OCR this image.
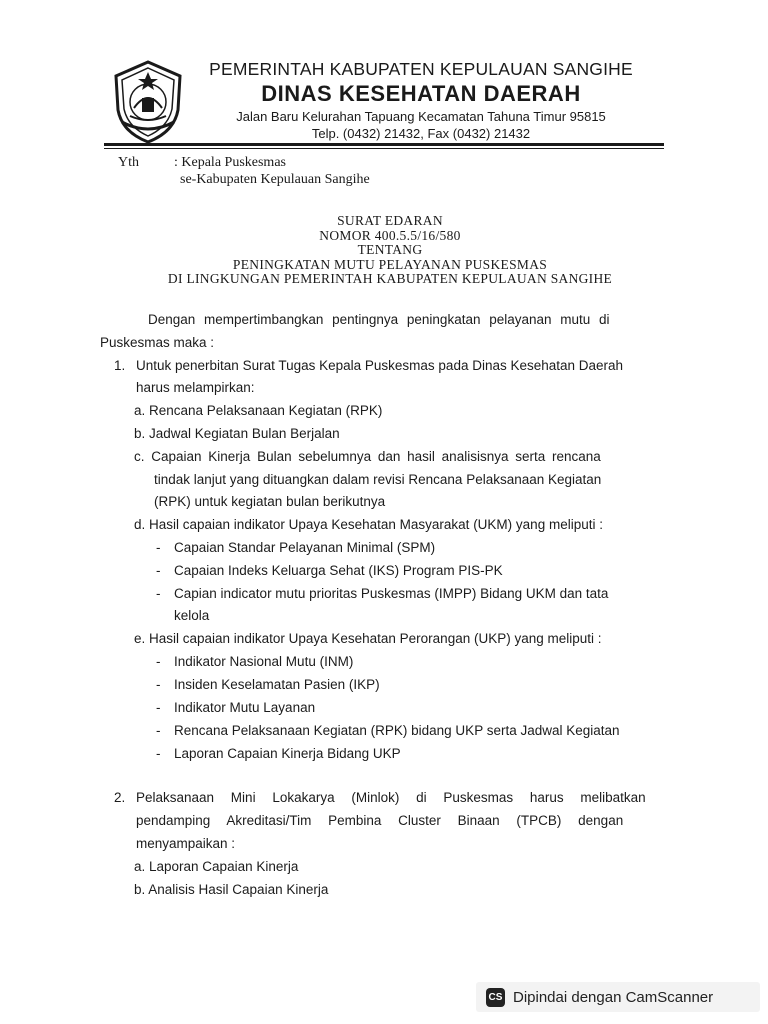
PEMERINTAH KABUPATEN KEPULAUAN SANGIHE
DINAS KESEHATAN DAERAH
Jalan Baru Kelurahan Tapuang Kecamatan Tahuna Timur 95815
Telp. (0432) 21432, Fax (0432) 21432
Yth	: Kepala Puskesmas
se-Kabupaten Kepulauan Sangihe
SURAT EDARAN
NOMOR 400.5.5/16/580
TENTANG
PENINGKATAN MUTU PELAYANAN PUSKESMAS
DI LINGKUNGAN PEMERINTAH KABUPATEN KEPULAUAN SANGIHE
Dengan mempertimbangkan pentingnya peningkatan pelayanan mutu di
Puskesmas maka :
1. Untuk penerbitan Surat Tugas Kepala Puskesmas pada Dinas Kesehatan Daerah
harus melampirkan:
a. Rencana Pelaksanaan Kegiatan (RPK)
b. Jadwal Kegiatan Bulan Berjalan
c. Capaian Kinerja Bulan sebelumnya dan hasil analisisnya serta rencana
tindak lanjut yang dituangkan dalam revisi Rencana Pelaksanaan Kegiatan
(RPK) untuk kegiatan bulan berikutnya
d. Hasil capaian indikator Upaya Kesehatan Masyarakat (UKM) yang meliputi :
- Capaian Standar Pelayanan Minimal (SPM)
- Capaian Indeks Keluarga Sehat (IKS) Program PIS-PK
- Capian indicator mutu prioritas Puskesmas (IMPP) Bidang UKM dan tata
kelola
e. Hasil capaian indikator Upaya Kesehatan Perorangan (UKP) yang meliputi :
- Indikator Nasional Mutu (INM)
- Insiden Keselamatan Pasien (IKP)
- Indikator Mutu Layanan
- Rencana Pelaksanaan Kegiatan (RPK) bidang UKP serta Jadwal Kegiatan
- Laporan Capaian Kinerja Bidang UKP
2. Pelaksanaan Mini Lokakarya (Minlok) di Puskesmas harus melibatkan
pendamping Akreditasi/Tim Pembina Cluster Binaan (TPCB) dengan
menyampaikan :
a. Laporan Capaian Kinerja
b. Analisis Hasil Capaian Kinerja
CS Dipindai dengan CamScanner
